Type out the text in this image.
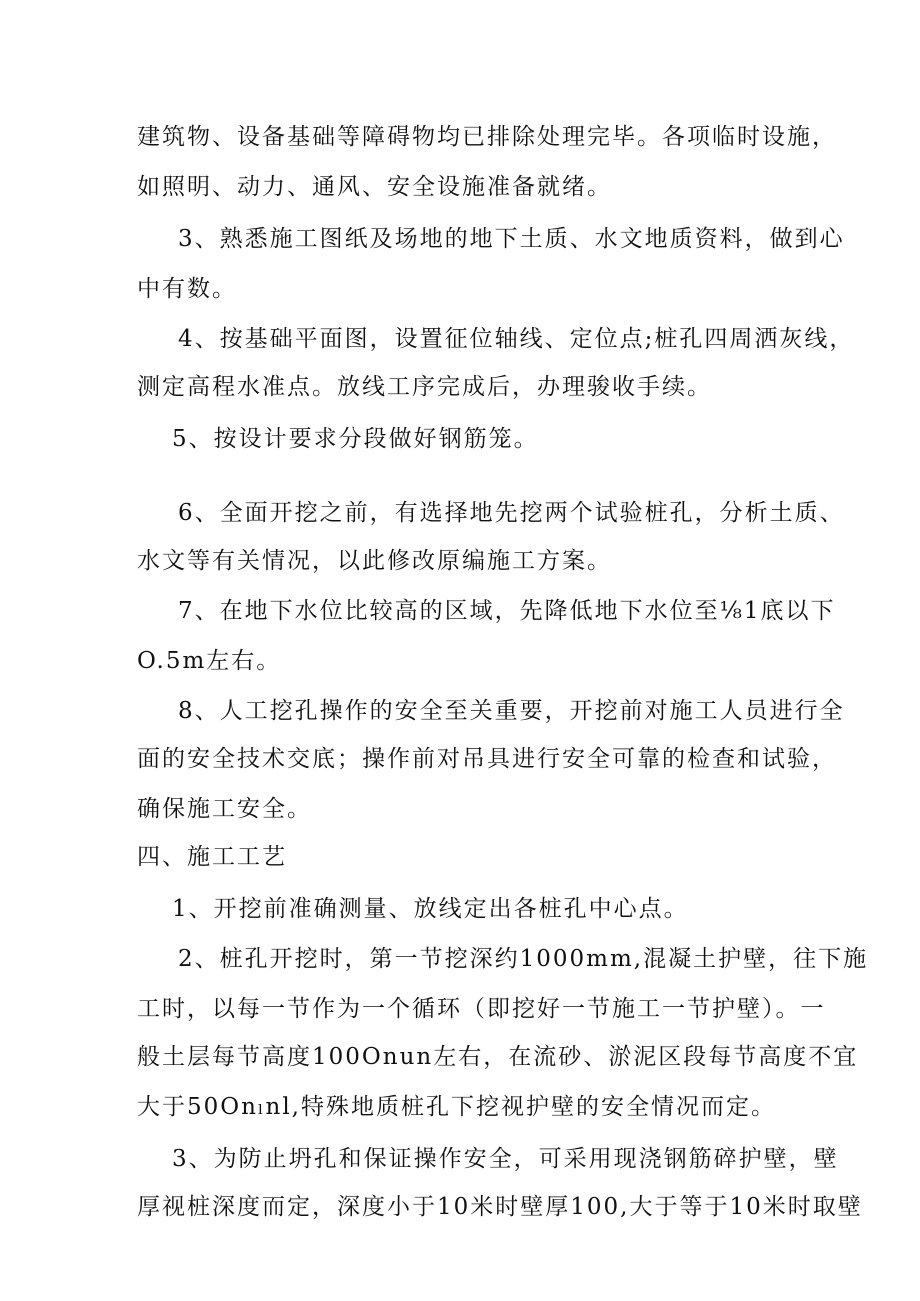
建筑物、设备基础等障碍物均已排除处理完毕。各项临时设施，
如照明、动力、通风、安全设施准备就绪。
3、熟悉施工图纸及场地的地下土质、水文地质资料，做到心
中有数。
4、按基础平面图，设置征位轴线、定位点;桩孔四周洒灰线，
测定高程水准点。放线工序完成后，办理骏收手续。
5、按设计要求分段做好钢筋笼。
6、全面开挖之前，有选择地先挖两个试验桩孔，分析土质、
水文等有关情况，以此修改原编施工方案。
7、在地下水位比较高的区域，先降低地下水位至⅛1底以下
O.5m左右。
8、人工挖孔操作的安全至关重要，开挖前对施工人员进行全
面的安全技术交底；操作前对吊具进行安全可靠的检查和试验，
确保施工安全。
四、施工工艺
1、开挖前准确测量、放线定出各桩孔中心点。
2、桩孔开挖时，第一节挖深约1000mm,混凝土护壁，往下施
工时，以每一节作为一个循环（即挖好一节施工一节护壁）。一
般土层每节高度100Onun左右，在流砂、淤泥区段每节高度不宜
大于50Onₗnl,特殊地质桩孔下挖视护壁的安全情况而定。
3、为防止坍孔和保证操作安全，可采用现浇钢筋碎护壁，壁
厚视桩深度而定，深度小于10米时壁厚100,大于等于10米时取壁
